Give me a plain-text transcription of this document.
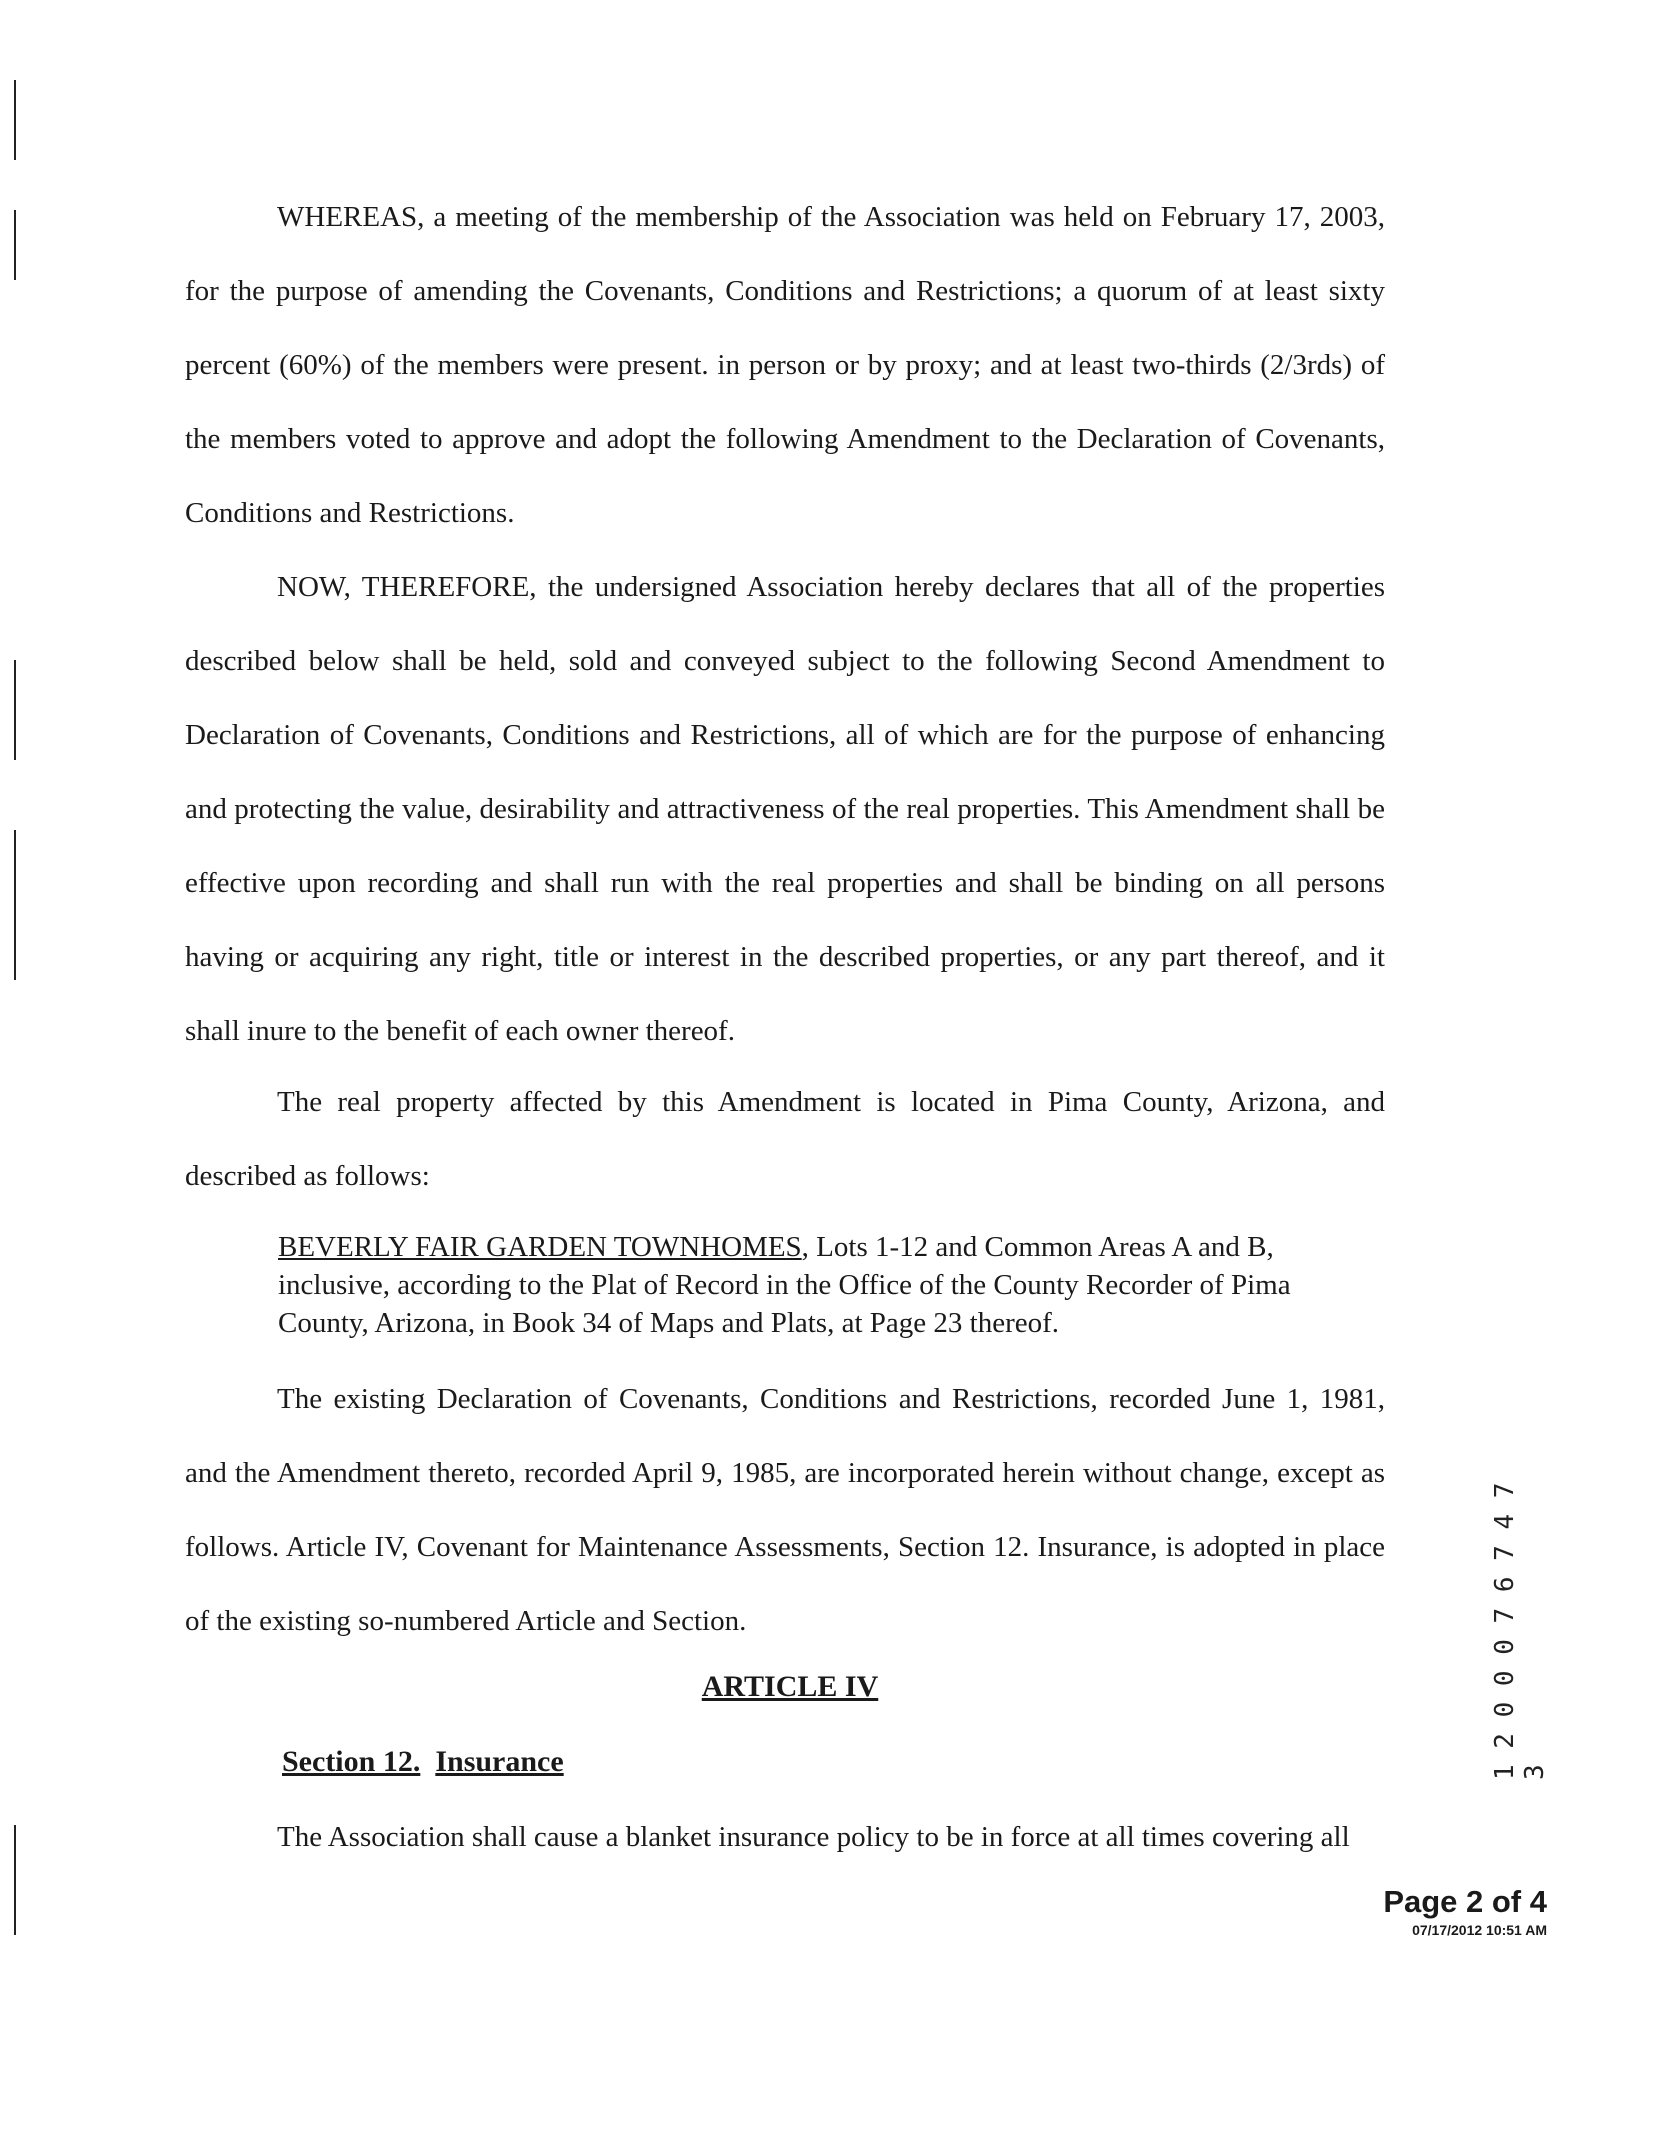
WHEREAS, a meeting of the membership of the Association was held on February 17, 2003, for the purpose of amending the Covenants, Conditions and Restrictions; a quorum of at least sixty percent (60%) of the members were present. in person or by proxy; and at least two-thirds (2/3rds) of the members voted to approve and adopt the following Amendment to the Declaration of Covenants, Conditions and Restrictions.

NOW, THEREFORE, the undersigned Association hereby declares that all of the properties described below shall be held, sold and conveyed subject to the following Second Amendment to Declaration of Covenants, Conditions and Restrictions, all of which are for the purpose of enhancing and protecting the value, desirability and attractiveness of the real properties. This Amendment shall be effective upon recording and shall run with the real properties and shall be binding on all persons having or acquiring any right, title or interest in the described properties, or any part thereof, and it shall inure to the benefit of each owner thereof.

The real property affected by this Amendment is located in Pima County, Arizona, and described as follows:

BEVERLY FAIR GARDEN TOWNHOMES, Lots 1-12 and Common Areas A and B, inclusive, according to the Plat of Record in the Office of the County Recorder of Pima County, Arizona, in Book 34 of Maps and Plats, at Page 23 thereof.

The existing Declaration of Covenants, Conditions and Restrictions, recorded June 1, 1981, and the Amendment thereto, recorded April 9, 1985, are incorporated herein without change, except as follows. Article IV, Covenant for Maintenance Assessments, Section 12. Insurance, is adopted in place of the existing so-numbered Article and Section.

ARTICLE IV
Section 12. Insurance

The Association shall cause a blanket insurance policy to be in force at all times covering all

1 2 0 0 0 7 6 7 4 7 3
Page 2 of 4
07/17/2012 10:51 AM
